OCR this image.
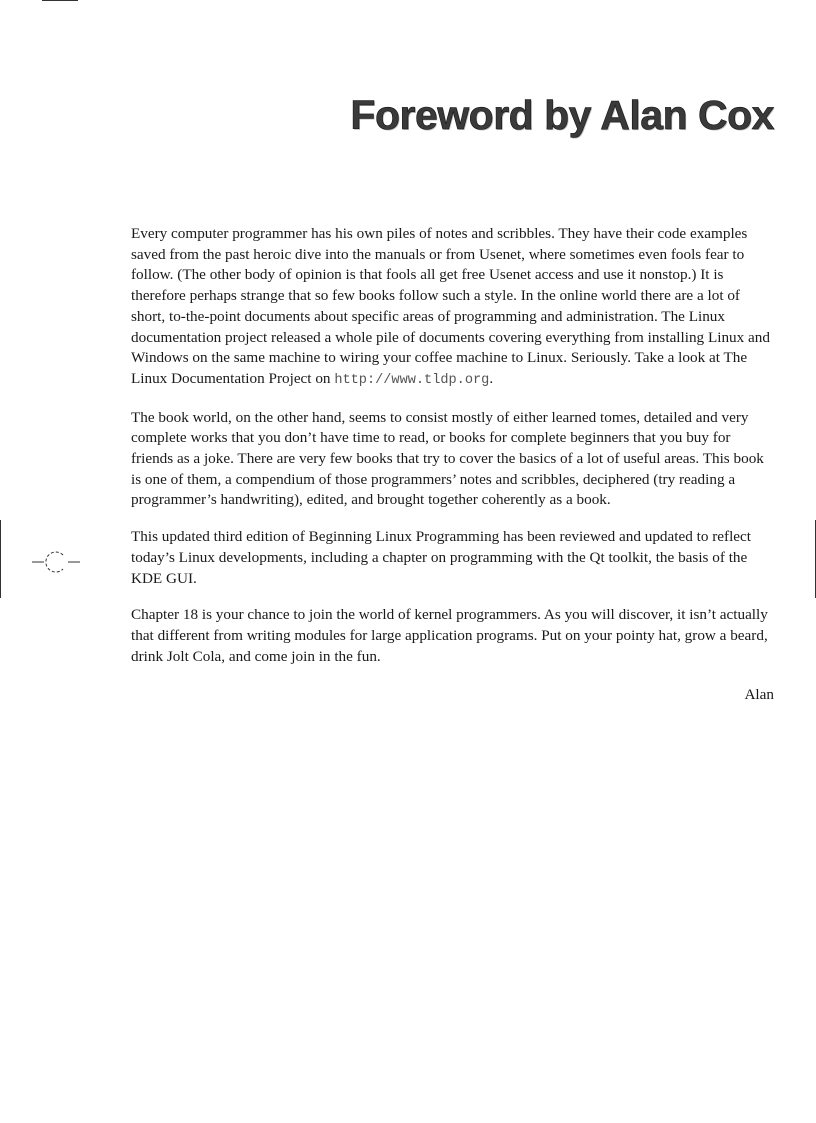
Foreword by Alan Cox

Every computer programmer has his own piles of notes and scribbles. They have their code examples saved from the past heroic dive into the manuals or from Usenet, where sometimes even fools fear to follow. (The other body of opinion is that fools all get free Usenet access and use it nonstop.) It is therefore perhaps strange that so few books follow such a style. In the online world there are a lot of short, to-the-point documents about specific areas of programming and administration. The Linux documentation project released a whole pile of documents covering everything from installing Linux and Windows on the same machine to wiring your coffee machine to Linux. Seriously. Take a look at The Linux Documentation Project on http://www.tldp.org.

The book world, on the other hand, seems to consist mostly of either learned tomes, detailed and very complete works that you don’t have time to read, or books for complete beginners that you buy for friends as a joke. There are very few books that try to cover the basics of a lot of useful areas. This book is one of them, a compendium of those programmers’ notes and scribbles, deciphered (try reading a programmer’s handwriting), edited, and brought together coherently as a book.

This updated third edition of Beginning Linux Programming has been reviewed and updated to reflect today’s Linux developments, including a chapter on programming with the Qt toolkit, the basis of the KDE GUI.

Chapter 18 is your chance to join the world of kernel programmers. As you will discover, it isn’t actually that different from writing modules for large application programs. Put on your pointy hat, grow a beard, drink Jolt Cola, and come join in the fun.

Alan
